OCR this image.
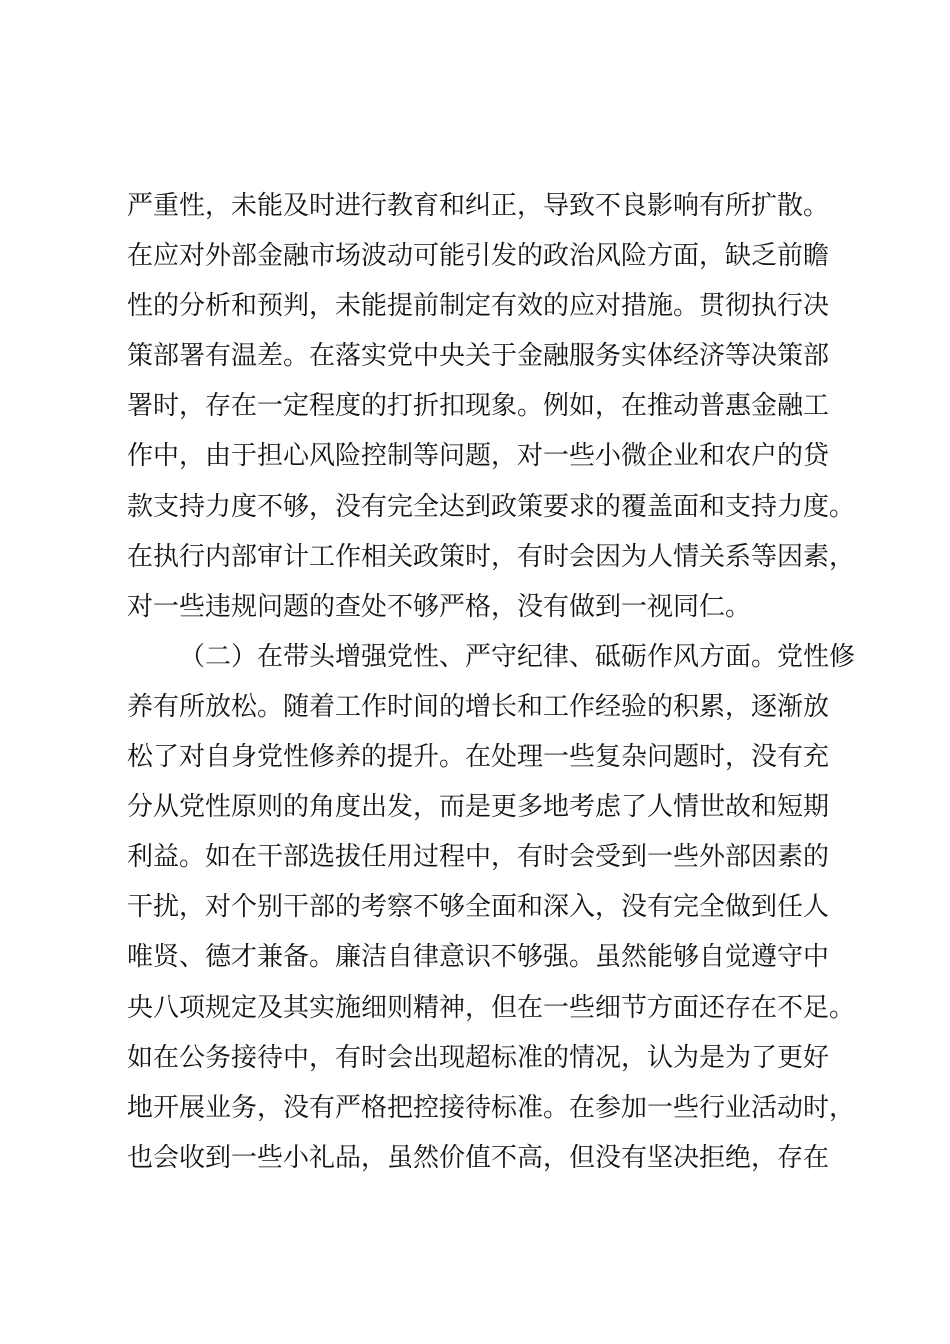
严重性，未能及时进行教育和纠正，导致不良影响有所扩散。
在应对外部金融市场波动可能引发的政治风险方面，缺乏前瞻
性的分析和预判，未能提前制定有效的应对措施。贯彻执行决
策部署有温差。在落实党中央关于金融服务实体经济等决策部
署时，存在一定程度的打折扣现象。例如，在推动普惠金融工
作中，由于担心风险控制等问题，对一些小微企业和农户的贷
款支持力度不够，没有完全达到政策要求的覆盖面和支持力度。
在执行内部审计工作相关政策时，有时会因为人情关系等因素，
对一些违规问题的查处不够严格，没有做到一视同仁。
（二）在带头增强党性、严守纪律、砥砺作风方面。党性修
养有所放松。随着工作时间的增长和工作经验的积累，逐渐放
松了对自身党性修养的提升。在处理一些复杂问题时，没有充
分从党性原则的角度出发，而是更多地考虑了人情世故和短期
利益。如在干部选拔任用过程中，有时会受到一些外部因素的
干扰，对个别干部的考察不够全面和深入，没有完全做到任人
唯贤、德才兼备。廉洁自律意识不够强。虽然能够自觉遵守中
央八项规定及其实施细则精神，但在一些细节方面还存在不足。
如在公务接待中，有时会出现超标准的情况，认为是为了更好
地开展业务，没有严格把控接待标准。在参加一些行业活动时，
也会收到一些小礼品，虽然价值不高，但没有坚决拒绝，存在
